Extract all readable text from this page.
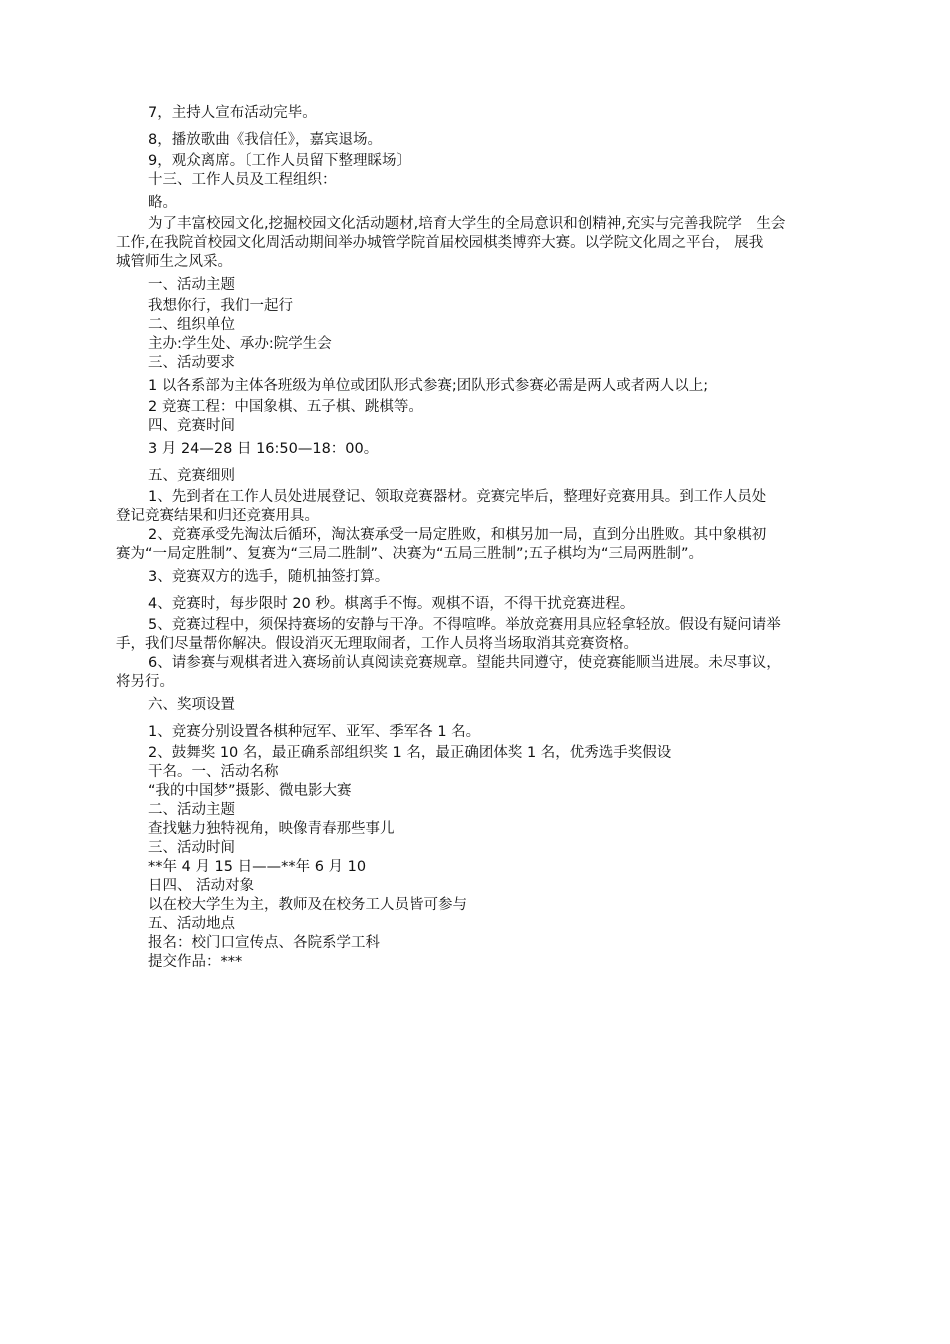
7，主持人宣布活动完毕。
8，播放歌曲《我信任》，嘉宾退场。
9，观众离席。〔工作人员留下整理睬场〕
十三、工作人员及工程组织：
略。
为了丰富校园文化,挖掘校园文化活动题材,培育大学生的全局意识和创精神,充实与完善我院学　生会
工作,在我院首校园文化周活动期间举办城管学院首届校园棋类博弈大赛。以学院文化周之平台， 展我
城管师生之风采。
一、活动主题
我想你行，我们一起行
二、组织单位
主办:学生处、承办:院学生会
三、活动要求
1 以各系部为主体各班级为单位或团队形式参赛;团队形式参赛必需是两人或者两人以上;
2 竞赛工程：中国象棋、五子棋、跳棋等。
四、竞赛时间
3 月 24—28 日 16:50—18：00。
五、竞赛细则
1、先到者在工作人员处进展登记、领取竞赛器材。竞赛完毕后，整理好竞赛用具。到工作人员处
登记竞赛结果和归还竞赛用具。
2、竞赛承受先淘汰后循环，淘汰赛承受一局定胜败，和棋另加一局，直到分出胜败。其中象棋初
赛为“一局定胜制”、复赛为“三局二胜制”、决赛为“五局三胜制”;五子棋均为“三局两胜制”。
3、竞赛双方的选手，随机抽签打算。
4、竞赛时，每步限时 20 秒。棋离手不悔。观棋不语，不得干扰竞赛进程。
5、竞赛过程中，须保持赛场的安静与干净。不得喧哗。举放竞赛用具应轻拿轻放。假设有疑问请举
手，我们尽量帮你解决。假设消灭无理取闹者，工作人员将当场取消其竞赛资格。
6、请参赛与观棋者进入赛场前认真阅读竞赛规章。望能共同遵守，使竞赛能顺当进展。未尽事议，
将另行。
六、奖项设置
1、竞赛分别设置各棋种冠军、亚军、季军各 1 名。
2、鼓舞奖 10 名，最正确系部组织奖 1 名，最正确团体奖 1 名，优秀选手奖假设
干名。一、活动名称
“我的中国梦”摄影、微电影大赛
二、活动主题
查找魅力独特视角，映像青春那些事儿
三、活动时间
**年 4 月 15 日——**年 6 月 10
日四、 活动对象
以在校大学生为主，教师及在校务工人员皆可参与
五、活动地点
报名：校门口宣传点、各院系学工科
提交作品：***
